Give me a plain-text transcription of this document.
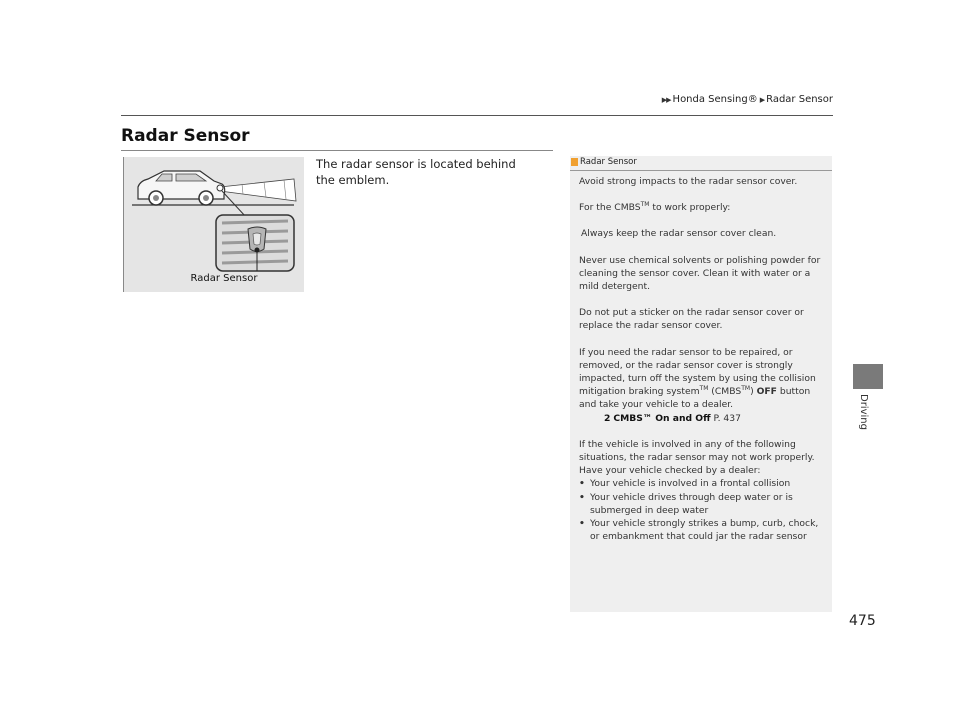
▶▶ Honda Sensing® ▶ Radar Sensor
Radar Sensor
Radar Sensor

The radar sensor is located behind the emblem.

Radar Sensor

Avoid strong impacts to the radar sensor cover.

For the CMBS™ to work properly:

Always keep the radar sensor cover clean.

Never use chemical solvents or polishing powder for cleaning the sensor cover. Clean it with water or a mild detergent.

Do not put a sticker on the radar sensor cover or replace the radar sensor cover.

If you need the radar sensor to be repaired, or removed, or the radar sensor cover is strongly impacted, turn off the system by using the collision mitigation braking system™ (CMBS™) OFF button and take your vehicle to a dealer.

2 CMBS™ On and Off P. 437

If the vehicle is involved in any of the following situations, the radar sensor may not work properly. Have your vehicle checked by a dealer:

• Your vehicle is involved in a frontal collision
• Your vehicle drives through deep water or is submerged in deep water
• Your vehicle strongly strikes a bump, curb, chock, or embankment that could jar the radar sensor
Driving
475
